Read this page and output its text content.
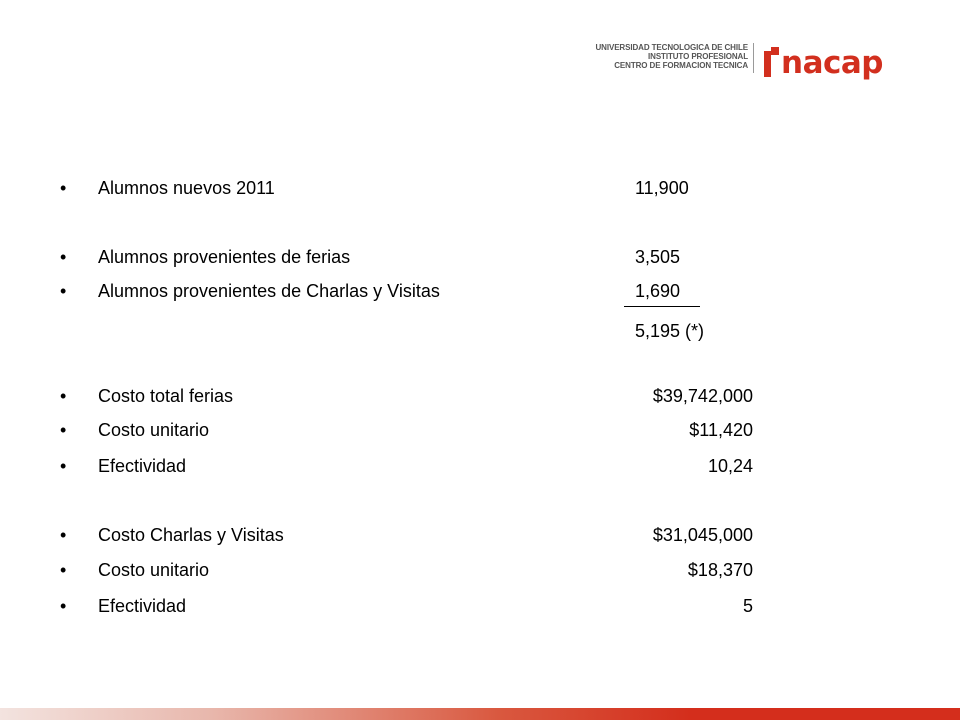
UNIVERSIDAD TECNOLOGICA DE CHILE
INSTITUTO PROFESIONAL
CENTRO DE FORMACION TECNICA nacap
• Alumnos nuevos 2011	11,900
• Alumnos provenientes de ferias	3,505
• Alumnos provenientes de Charlas y Visitas	1,690
5,195 (*)
• Costo total ferias	$39,742,000
• Costo unitario	$11,420
• Efectividad	10,24
• Costo Charlas y Visitas	$31,045,000
• Costo unitario	$18,370
• Efectividad	5
